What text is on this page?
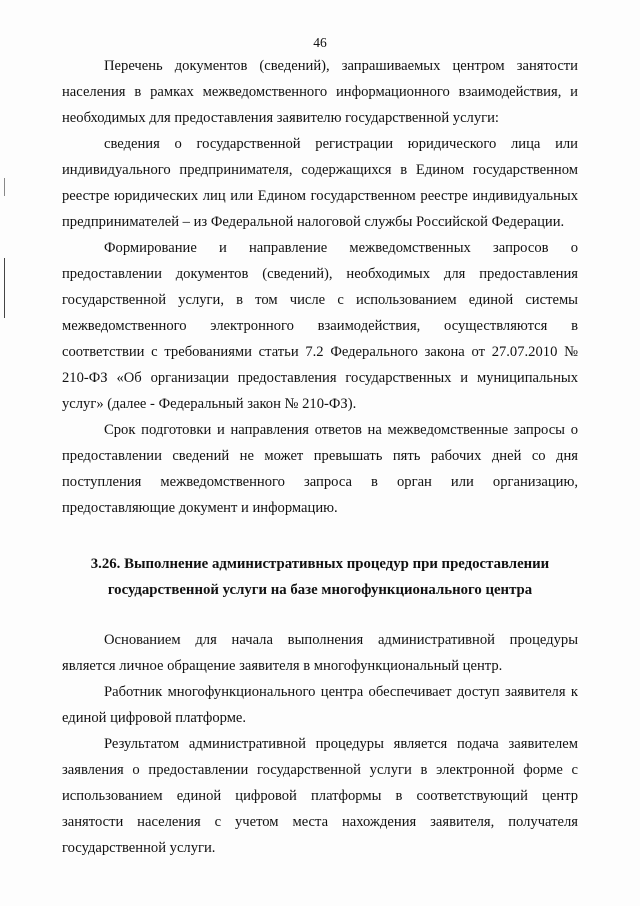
46

Перечень документов (сведений), запрашиваемых центром занятости населения в рамках межведомственного информационного взаимодействия, и необходимых для предоставления заявителю государственной услуги:

сведения о государственной регистрации юридического лица или индивидуального предпринимателя, содержащихся в Едином государственном реестре юридических лиц или Едином государственном реестре индивидуальных предпринимателей – из Федеральной налоговой службы Российской Федерации.

Формирование и направление межведомственных запросов о предоставлении документов (сведений), необходимых для предоставления государственной услуги, в том числе с использованием единой системы межведомственного электронного взаимодействия, осуществляются в соответствии с требованиями статьи 7.2 Федерального закона от 27.07.2010 № 210-ФЗ «Об организации предоставления государственных и муниципальных услуг» (далее - Федеральный закон № 210-ФЗ).

Срок подготовки и направления ответов на межведомственные запросы о предоставлении сведений не может превышать пять рабочих дней со дня поступления межведомственного запроса в орган или организацию, предоставляющие документ и информацию.

3.26. Выполнение административных процедур при предоставлении
государственной услуги на базе многофункционального центра

Основанием для начала выполнения административной процедуры является личное обращение заявителя в многофункциональный центр.

Работник многофункционального центра обеспечивает доступ заявителя к единой цифровой платформе.

Результатом административной процедуры является подача заявителем заявления о предоставлении государственной услуги в электронной форме с использованием единой цифровой платформы в соответствующий центр занятости населения с учетом места нахождения заявителя, получателя государственной услуги.
